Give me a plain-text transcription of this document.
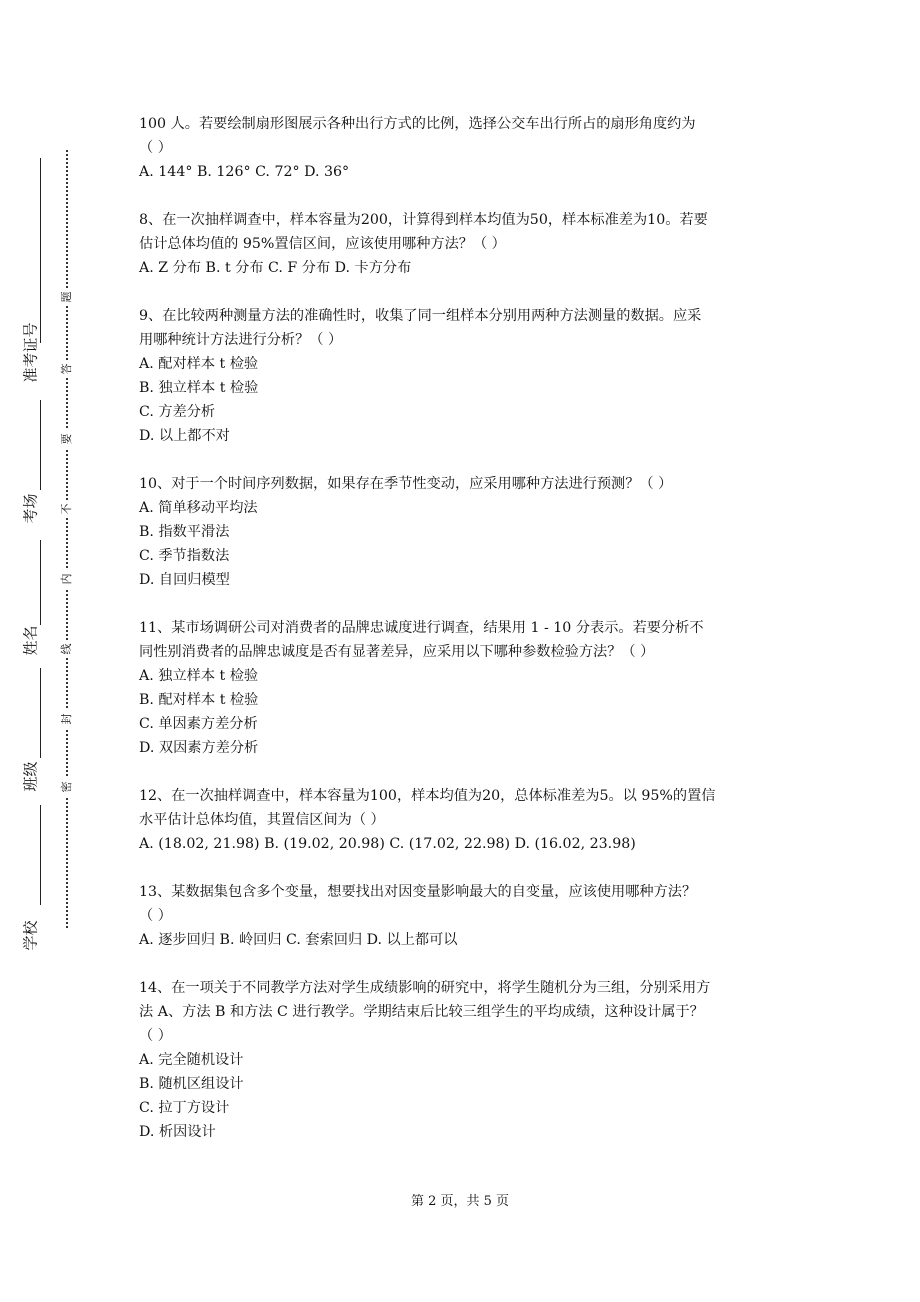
准考证号
考场
姓名
班级
学校
题
答
要
不
内
线
封
密
100 人。若要绘制扇形图展示各种出行方式的比例，选择公交车出行所占的扇形角度约为
（ ）
A. 144° B. 126° C. 72° D. 36°
8、在一次抽样调查中，样本容量为200，计算得到样本均值为50，样本标准差为10。若要
估计总体均值的 95%置信区间，应该使用哪种方法？（ ）
A. Z 分布 B. t 分布 C. F 分布 D. 卡方分布
9、在比较两种测量方法的准确性时，收集了同一组样本分别用两种方法测量的数据。应采
用哪种统计方法进行分析？（ ）
A. 配对样本 t 检验
B. 独立样本 t 检验
C. 方差分析
D. 以上都不对
10、对于一个时间序列数据，如果存在季节性变动，应采用哪种方法进行预测？（ ）
A. 简单移动平均法
B. 指数平滑法
C. 季节指数法
D. 自回归模型
11、某市场调研公司对消费者的品牌忠诚度进行调查，结果用 1 - 10 分表示。若要分析不
同性别消费者的品牌忠诚度是否有显著差异，应采用以下哪种参数检验方法？（ ）
A. 独立样本 t 检验
B. 配对样本 t 检验
C. 单因素方差分析
D. 双因素方差分析
12、在一次抽样调查中，样本容量为100，样本均值为20，总体标准差为5。以 95%的置信
水平估计总体均值，其置信区间为（ ）
A. (18.02, 21.98) B. (19.02, 20.98) C. (17.02, 22.98) D. (16.02, 23.98)
13、某数据集包含多个变量，想要找出对因变量影响最大的自变量，应该使用哪种方法？
（ ）
A. 逐步回归 B. 岭回归 C. 套索回归 D. 以上都可以
14、在一项关于不同教学方法对学生成绩影响的研究中，将学生随机分为三组，分别采用方
法 A、方法 B 和方法 C 进行教学。学期结束后比较三组学生的平均成绩，这种设计属于？
（ ）
A. 完全随机设计
B. 随机区组设计
C. 拉丁方设计
D. 析因设计
第 2 页，共 5 页
